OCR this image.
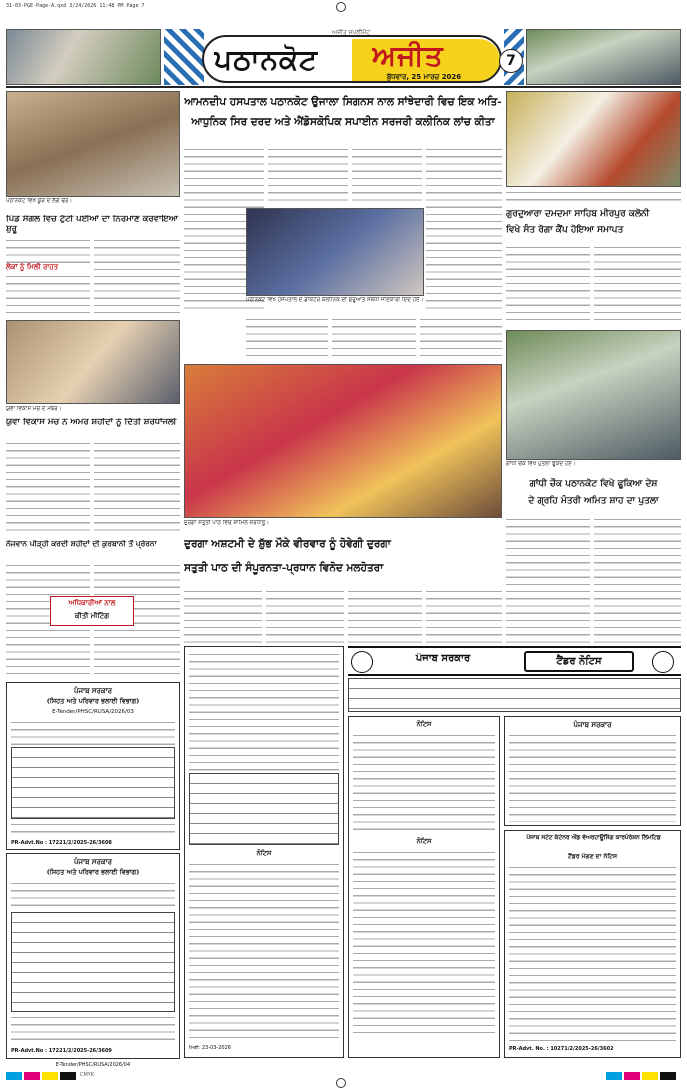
31-03-PGE-Page-A.qxd 3/24/2026 11:48 PM Page 7
ਪਠਾਨਕੋਟ	ਅਜੀਤ
ਬੁੱਧਵਾਰ, 25 ਮਾਰਚ 2026
ਅਜੀਤ ਸਪਲੀਮੈਂਟ
7
ਪਠਾਨਕੋਟ ਵਿਖੇ ਕੂੜੇ ਦੇ ਲੱਗੇ ਢੇਰ।
ਪਿੰਡ ਸੰਗਲ ਵਿਚ ਟੁੱਟੀ ਪਈਆਂ ਦਾ ਨਿਰਮਾਣ ਕਰਵਾਇਆ ਸ਼ੁਰੂ
ਲੋਕਾਂ ਨੂੰ ਮਿਲੀ ਰਾਹਤ
ਯੁਵਾ ਵਿਕਾਸ ਮੰਚ ਦੇ ਮੈਂਬਰ।
ਯੁਵਾ ਵਿਕਾਸ ਮੰਚ ਨੇ ਅਮਰ ਸ਼ਹੀਦਾਂ ਨੂੰ ਦਿੱਤੀ ਸ਼ਰਧਾਂਜਲੀ
ਨੌਜਵਾਨ ਪੀੜ੍ਹੀ ਕਰਦੀ ਸ਼ਹੀਦਾਂ ਦੀ ਕੁਰਬਾਨੀ ਤੋਂ ਪ੍ਰੇਰਨਾ
ਅਧਿਕਾਰੀਆਂ ਨਾਲ
ਕੀਤੀ ਮੀਟਿੰਗ
ਆਮਨਦੀਪ ਹਸਪਤਾਲ ਪਠਾਨਕੋਟ ਉਜਾਲਾ ਸਿਗਨਸ ਨਾਲ ਸਾਂਝੇਦਾਰੀ ਵਿਚ ਇਕ ਅਤਿ-
ਆਧੁਨਿਕ ਸਿਰ ਦਰਦ ਅਤੇ ਐਂਡੋਸਕੋਪਿਕ ਸਪਾਈਨ ਸਰਜਰੀ ਕਲੀਨਿਕ ਲਾਂਚ ਕੀਤਾ
ਪਠਾਨਕੋਟ ਵਿਖੇ ਹਸਪਤਾਲ ਦੇ ਡਾਕਟਰ ਕਲੀਨਿਕ ਦੀ ਸ਼ੁਰੂਆਤ ਸਬੰਧੀ ਜਾਣਕਾਰੀ ਦਿੰਦੇ ਹੋਏ।
ਗੁਰਦੁਆਰਾ ਦਮਦਮਾ ਸਾਹਿਬ ਮੀਰਪੁਰ ਕਲੋਨੀ
ਵਿਖੇ ਸੰਤ ਰੋਗਾ ਕੈਂਪ ਹੋਇਆ ਸਮਾਪਤ
ਗਾਂਧੀ ਚੌਕ ਵਿਖੇ ਪੁਤਲਾ ਫੂਕਦੇ ਹੋਏ।
ਗਾਂਧੀ ਚੌਕ ਪਠਾਨਕੋਟ ਵਿਖੇ ਫੂਕਿਆ ਦੇਸ਼
ਦੇ ਗ੍ਰਹਿ ਮੰਤਰੀ ਅਮਿਤ ਸ਼ਾਹ ਦਾ ਪੁਤਲਾ
ਦੁਰਗਾ ਸਤੁਤੀ ਪਾਠ ਵਿਚ ਸ਼ਾਮਿਲ ਸ਼ਰਧਾਲੂ।
ਦੁਰਗਾ ਅਸ਼ਟਮੀ ਦੇ ਸ਼ੁੱਭ ਮੌਕੇ ਵੀਰਵਾਰ ਨੂੰ ਹੋਵੇਗੀ ਦੁਰਗਾ
ਸਤੁਤੀ ਪਾਠ ਦੀ ਸੰਪੂਰਨਤਾ-ਪ੍ਰਧਾਨ ਵਿਨੋਦ ਮਲਹੋਤਰਾ
ਪੰਜਾਬ ਸਰਕਾਰ
(ਸਿਹਤ ਅਤੇ ਪਰਿਵਾਰ ਭਲਾਈ ਵਿਭਾਗ)
E-Tender/PHSC/RUSA/2026/03
PR-Advt.No : 17221/2/2025-26/3608
ਪੰਜਾਬ ਸਰਕਾਰ
(ਸਿਹਤ ਅਤੇ ਪਰਿਵਾਰ ਭਲਾਈ ਵਿਭਾਗ)
PR-Advt.No : 17221/2/2025-26/3609
E-Tender/PHSC/RUSA/2026/04
ਪੰਜਾਬ ਸਰਕਾਰ	ਟੈਂਡਰ ਨੋਟਿਸ
ਨੋਟਿਸ
ਮਿਤੀ: 23-03-2026
ਨੋਟਿਸ
ਨੋਟਿਸ
ਪੰਜਾਬ ਸਰਕਾਰ
ਪੰਜਾਬ ਸਟੇਟ ਕੰਟੇਨਰ ਐਂਡ ਵੇਅਰਹਾਊਸਿੰਗ ਕਾਰਪੋਰੇਸ਼ਨ ਲਿਮਟਿਡ
ਟੈਂਡਰ ਮੰਗਣ ਦਾ ਨੋਟਿਸ
PR-Advt. No. : 10271/2/2025-26/3602
CMYK
